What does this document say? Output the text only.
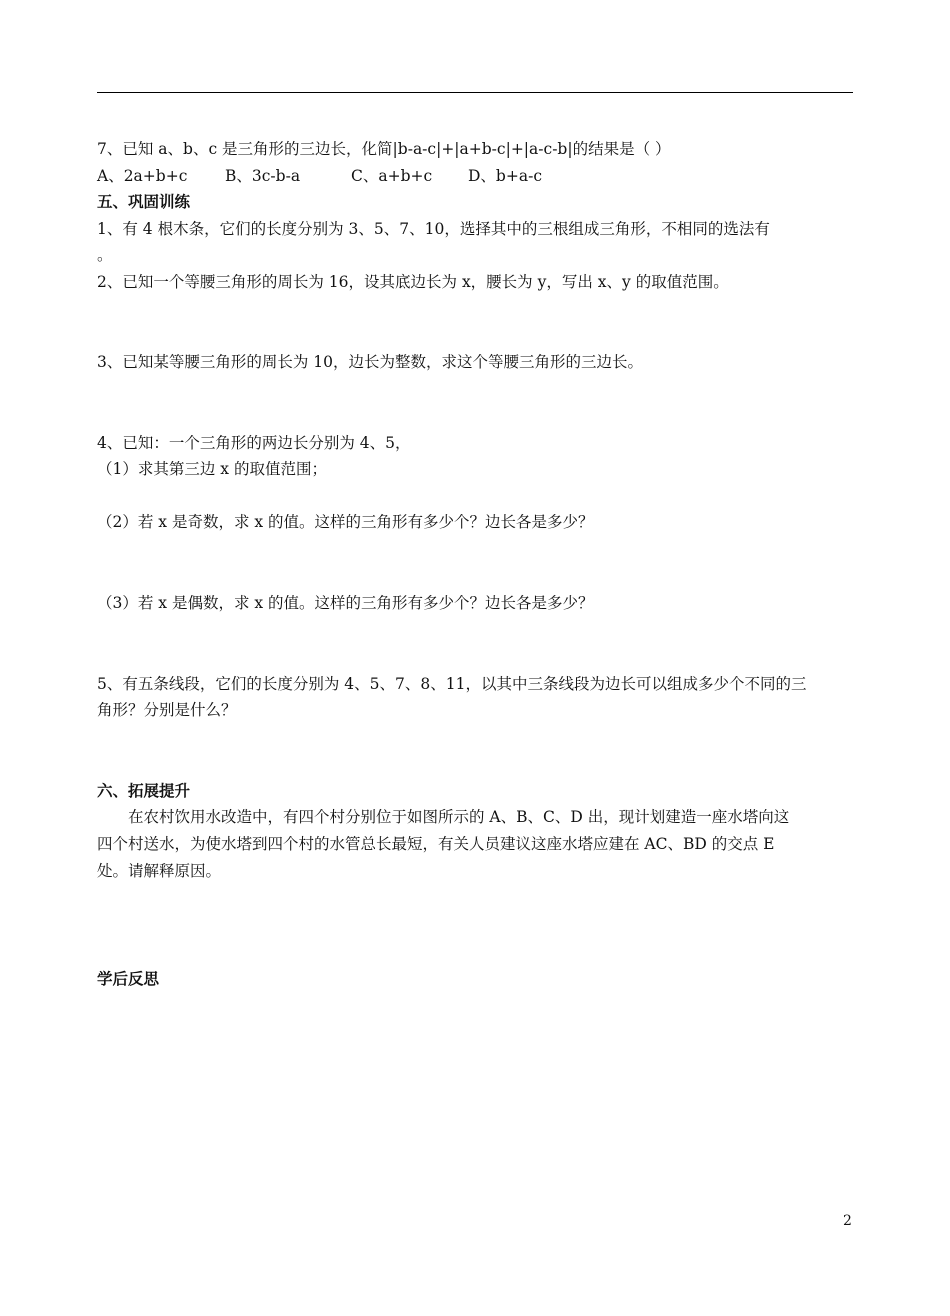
7、已知 a、b、c 是三角形的三边长，化简|b-a-c|+|a+b-c|+|a-c-b|的结果是（ ）
A、2a+b+c B、3c-b-a	C、a+b+c D、b+a-c
五、巩固训练
1、有 4 根木条，它们的长度分别为 3、5、7、10，选择其中的三根组成三角形，不相同的选法有
。
2、已知一个等腰三角形的周长为 16，设其底边长为 x，腰长为 y，写出 x、y 的取值范围。
3、已知某等腰三角形的周长为 10，边长为整数，求这个等腰三角形的三边长。
4、已知：一个三角形的两边长分别为 4、5，
（1）求其第三边 x 的取值范围；
（2）若 x 是奇数，求 x 的值。这样的三角形有多少个？边长各是多少？
（3）若 x 是偶数，求 x 的值。这样的三角形有多少个？边长各是多少？
5、有五条线段，它们的长度分别为 4、5、7、8、11，以其中三条线段为边长可以组成多少个不同的三
角形？分别是什么？
六、拓展提升
在农村饮用水改造中，有四个村分别位于如图所示的 A、B、C、D 出，现计划建造一座水塔向这
四个村送水，为使水塔到四个村的水管总长最短，有关人员建议这座水塔应建在 AC、BD 的交点 E
处。请解释原因。
学后反思
2
